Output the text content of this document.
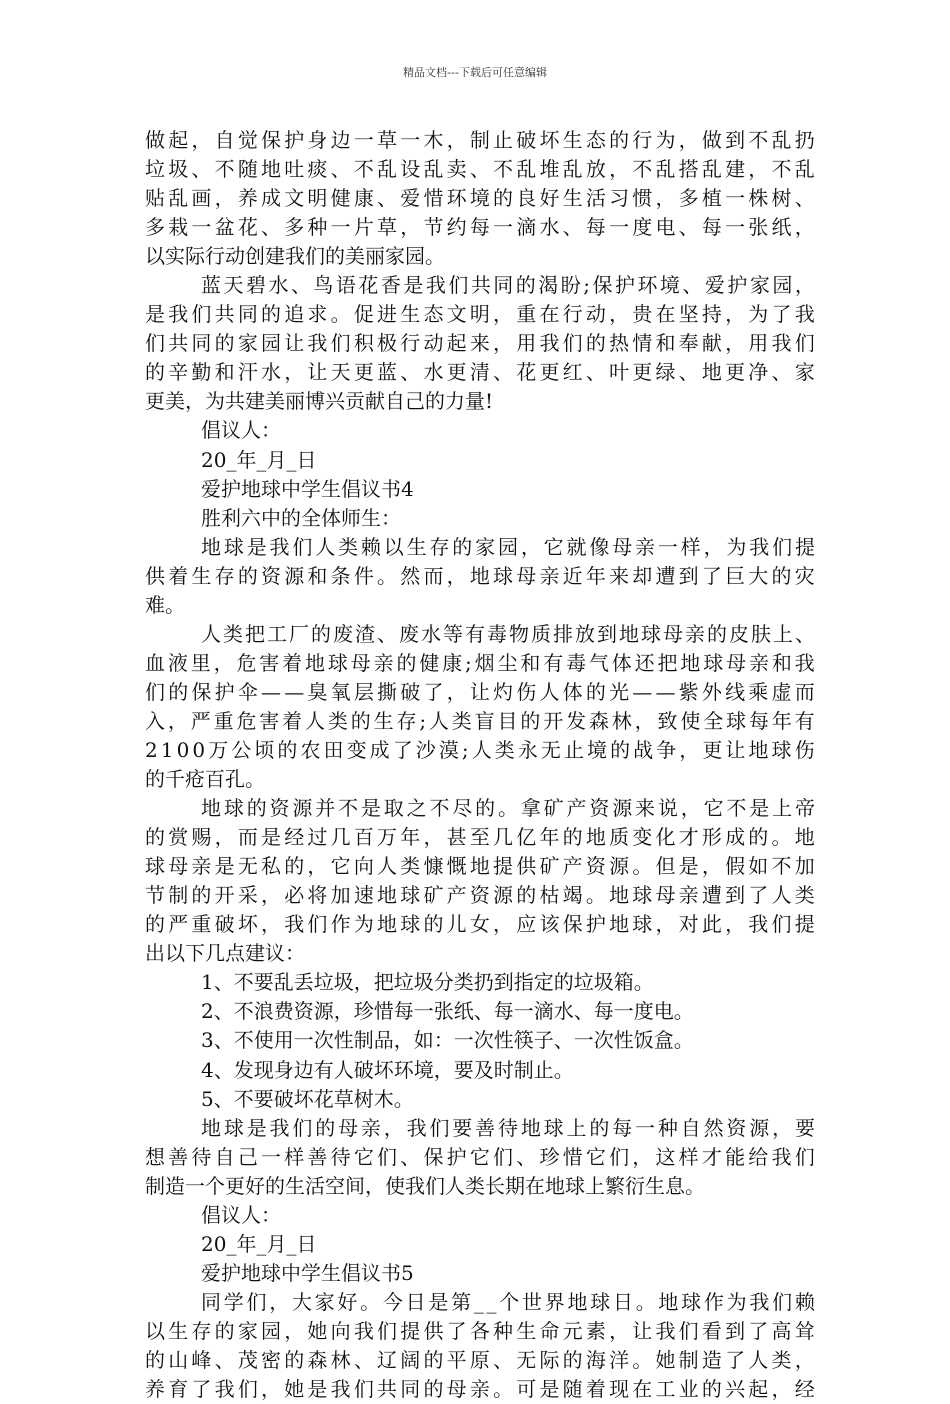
精品文档---下载后可任意编辑
做 起 ， 自 觉 保 护 身 边 一 草 一 木 ， 制 止 破 坏 生 态 的 行 为 ， 做 到 不 乱 扔
垃 圾 、 不 随 地 吐 痰 、 不 乱 设 乱 卖 、 不 乱 堆 乱 放 ， 不 乱 搭 乱 建 ， 不 乱
贴 乱 画 ， 养 成 文 明 健 康 、 爱 惜 环 境 的 良 好 生 活 习 惯 ， 多 植 一 株 树 、
多 栽 一 盆 花 、 多 种 一 片 草 ， 节 约 每 一 滴 水 、 每 一 度 电 、 每 一 张 纸 ，
以实际行动创建我们的美丽家园。
蓝 天 碧 水 、 鸟 语 花 香 是 我 们 共 同 的 渴 盼 ; 保 护 环 境 、 爱 护 家 园 ，
是 我 们 共 同 的 追 求 。 促 进 生 态 文 明 ， 重 在 行 动 ， 贵 在 坚 持 ， 为 了 我
们 共 同 的 家 园 让 我 们 积 极 行 动 起 来 ， 用 我 们 的 热 情 和 奉 献 ， 用 我 们
的 辛 勤 和 汗 水 ， 让 天 更 蓝 、 水 更 清 、 花 更 红 、 叶 更 绿 、 地 更 净 、 家
更美，为共建美丽博兴贡献自己的力量!
倡议人：
20_年_月_日
爱护地球中学生倡议书4
胜利六中的全体师生：
地 球 是 我 们 人 类 赖 以 生 存 的 家 园 ， 它 就 像 母 亲 一 样 ， 为 我 们 提
供 着 生 存 的 资 源 和 条 件 。 然 而 ， 地 球 母 亲 近 年 来 却 遭 到 了 巨 大 的 灾
难。
人 类 把 工 厂 的 废 渣 、 废 水 等 有 毒 物 质 排 放 到 地 球 母 亲 的 皮 肤 上 、
血 液 里 ， 危 害 着 地 球 母 亲 的 健 康 ; 烟 尘 和 有 毒 气 体 还 把 地 球 母 亲 和 我
们 的 保 护 伞 — — 臭 氧 层 撕 破 了 ， 让 灼 伤 人 体 的 光 — — 紫 外 线 乘 虚 而
入 ， 严 重 危 害 着 人 类 的 生 存 ; 人 类 盲 目 的 开 发 森 林 ， 致 使 全 球 每 年 有
2 1 0 0 万 公 顷 的 农 田 变 成 了 沙 漠 ; 人 类 永 无 止 境 的 战 争 ， 更 让 地 球 伤
的千疮百孔。
地 球 的 资 源 并 不 是 取 之 不 尽 的 。 拿 矿 产 资 源 来 说 ， 它 不 是 上 帝
的 赏 赐 ， 而 是 经 过 几 百 万 年 ， 甚 至 几 亿 年 的 地 质 变 化 才 形 成 的 。 地
球 母 亲 是 无 私 的 ， 它 向 人 类 慷 慨 地 提 供 矿 产 资 源 。 但 是 ， 假 如 不 加
节 制 的 开 采 ， 必 将 加 速 地 球 矿 产 资 源 的 枯 竭 。 地 球 母 亲 遭 到 了 人 类
的 严 重 破 坏 ， 我 们 作 为 地 球 的 儿 女 ， 应 该 保 护 地 球 ， 对 此 ， 我 们 提
出以下几点建议：
1、不要乱丢垃圾，把垃圾分类扔到指定的垃圾箱。
2、不浪费资源，珍惜每一张纸、每一滴水、每一度电。
3、不使用一次性制品，如：一次性筷子、一次性饭盒。
4、发现身边有人破坏环境，要及时制止。
5、不要破坏花草树木。
地 球 是 我 们 的 母 亲 ， 我 们 要 善 待 地 球 上 的 每 一 种 自 然 资 源 ， 要
想 善 待 自 己 一 样 善 待 它 们 、 保 护 它 们 、 珍 惜 它 们 ， 这 样 才 能 给 我 们
制造一个更好的生活空间，使我们人类长期在地球上繁衍生息。
倡议人：
20_年_月_日
爱护地球中学生倡议书5
同 学 们 ， 大 家 好 。 今 日 是 第 _ _ 个 世 界 地 球 日 。 地 球 作 为 我 们 赖
以 生 存 的 家 园 ， 她 向 我 们 提 供 了 各 种 生 命 元 素 ， 让 我 们 看 到 了 高 耸
的 山 峰 、 茂 密 的 森 林 、 辽 阔 的 平 原 、 无 际 的 海 洋 。 她 制 造 了 人 类 ，
养 育 了 我 们 ， 她 是 我 们 共 同 的 母 亲 。 可 是 随 着 现 在 工 业 的 兴 起 ， 经
